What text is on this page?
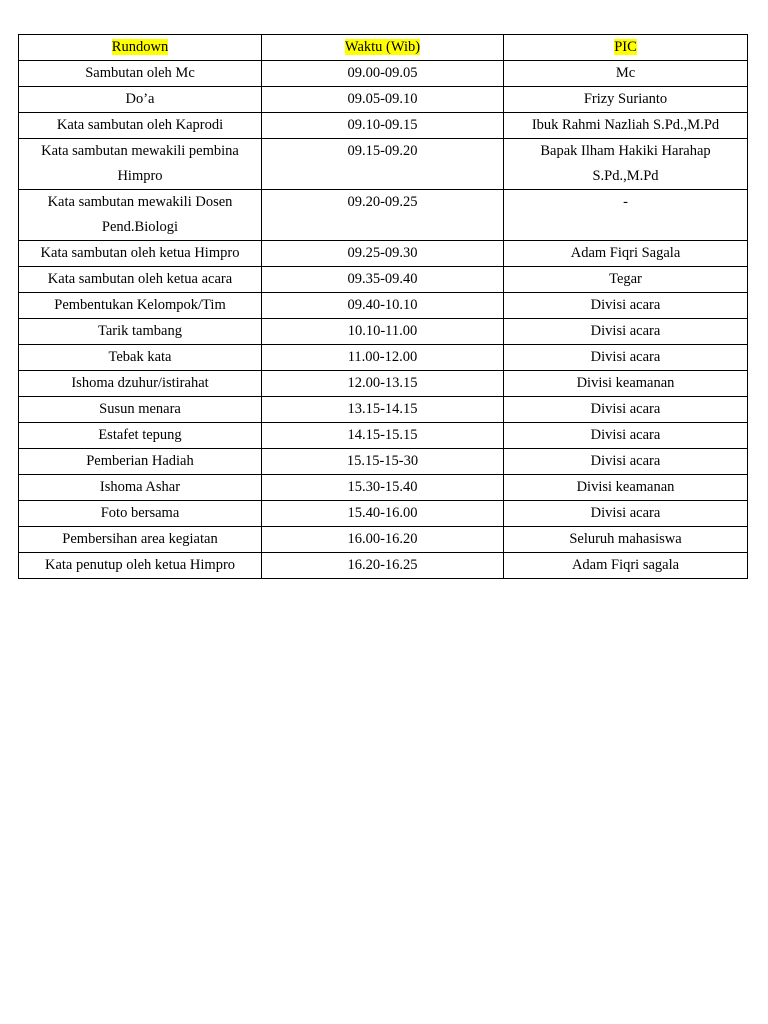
Rundown	Waktu (Wib)	PIC
Sambutan oleh Mc	09.00-09.05	Mc
Do’a	09.05-09.10	Frizy Surianto
Kata sambutan oleh Kaprodi	09.10-09.15	Ibuk Rahmi Nazliah S.Pd.,M.Pd
Kata sambutan mewakili pembina Himpro	09.15-09.20	Bapak Ilham Hakiki Harahap S.Pd.,M.Pd
Kata sambutan mewakili Dosen Pend.Biologi	09.20-09.25	-
Kata sambutan oleh ketua Himpro	09.25-09.30	Adam Fiqri Sagala
Kata sambutan oleh ketua acara	09.35-09.40	Tegar
Pembentukan Kelompok/Tim	09.40-10.10	Divisi acara
Tarik tambang	10.10-11.00	Divisi acara
Tebak kata	11.00-12.00	Divisi acara
Ishoma dzuhur/istirahat	12.00-13.15	Divisi keamanan
Susun menara	13.15-14.15	Divisi acara
Estafet tepung	14.15-15.15	Divisi acara
Pemberian Hadiah	15.15-15-30	Divisi acara
Ishoma Ashar	15.30-15.40	Divisi keamanan
Foto bersama	15.40-16.00	Divisi acara
Pembersihan area kegiatan	16.00-16.20	Seluruh mahasiswa
Kata penutup oleh ketua Himpro	16.20-16.25	Adam Fiqri sagala
